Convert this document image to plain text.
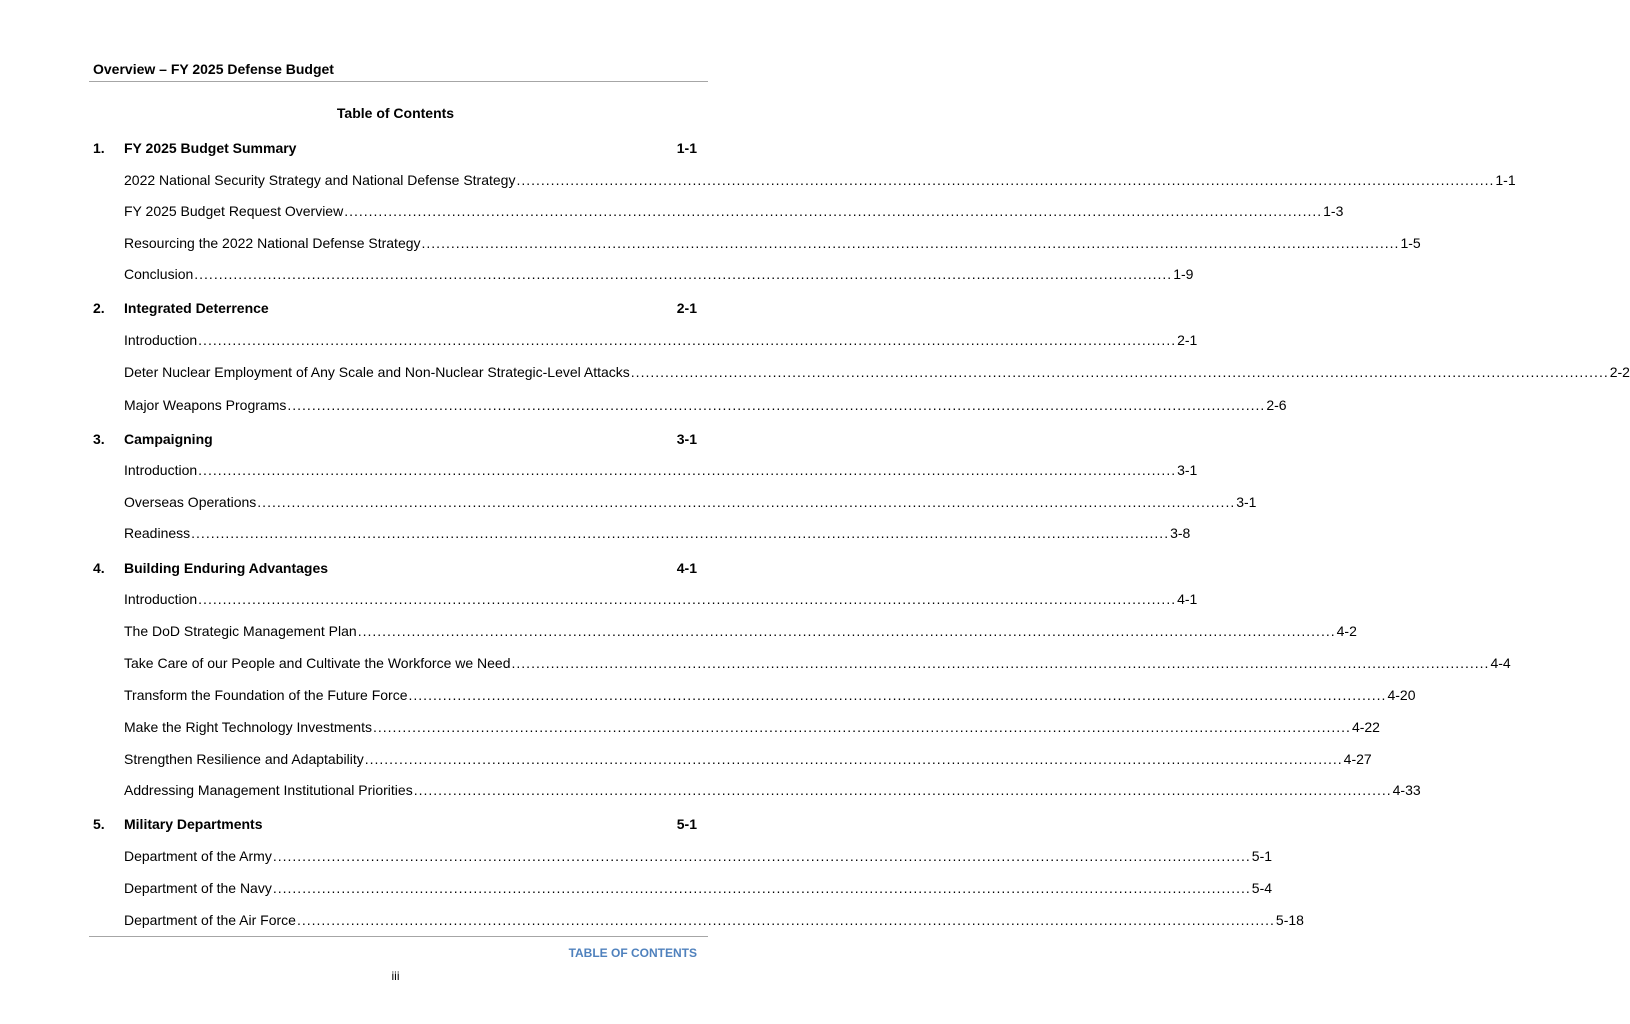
Overview – FY 2025 Defense Budget
Table of Contents
1. FY 2025 Budget Summary	1-1
2022 National Security Strategy and National Defense Strategy ........................................................................................................................................................................................................ 1-1
FY 2025 Budget Request Overview ........................................................................................................................................................................................................ 1-3
Resourcing the 2022 National Defense Strategy ........................................................................................................................................................................................................ 1-5
Conclusion ........................................................................................................................................................................................................ 1-9
2. Integrated Deterrence	2-1
Introduction ........................................................................................................................................................................................................ 2-1
Deter Nuclear Employment of Any Scale and Non-Nuclear Strategic-Level Attacks ........................................................................................................................................................................................................ 2-2
Major Weapons Programs ........................................................................................................................................................................................................ 2-6
3. Campaigning	3-1
Introduction ........................................................................................................................................................................................................ 3-1
Overseas Operations ........................................................................................................................................................................................................ 3-1
Readiness ........................................................................................................................................................................................................ 3-8
4. Building Enduring Advantages	4-1
Introduction ........................................................................................................................................................................................................ 4-1
The DoD Strategic Management Plan ........................................................................................................................................................................................................ 4-2
Take Care of our People and Cultivate the Workforce we Need ........................................................................................................................................................................................................ 4-4
Transform the Foundation of the Future Force ........................................................................................................................................................................................................ 4-20
Make the Right Technology Investments ........................................................................................................................................................................................................ 4-22
Strengthen Resilience and Adaptability ........................................................................................................................................................................................................ 4-27
Addressing Management Institutional Priorities ........................................................................................................................................................................................................ 4-33
5. Military Departments	5-1
Department of the Army ........................................................................................................................................................................................................ 5-1
Department of the Navy ........................................................................................................................................................................................................ 5-4
Department of the Air Force ........................................................................................................................................................................................................ 5-18
TABLE OF CONTENTS
iii
